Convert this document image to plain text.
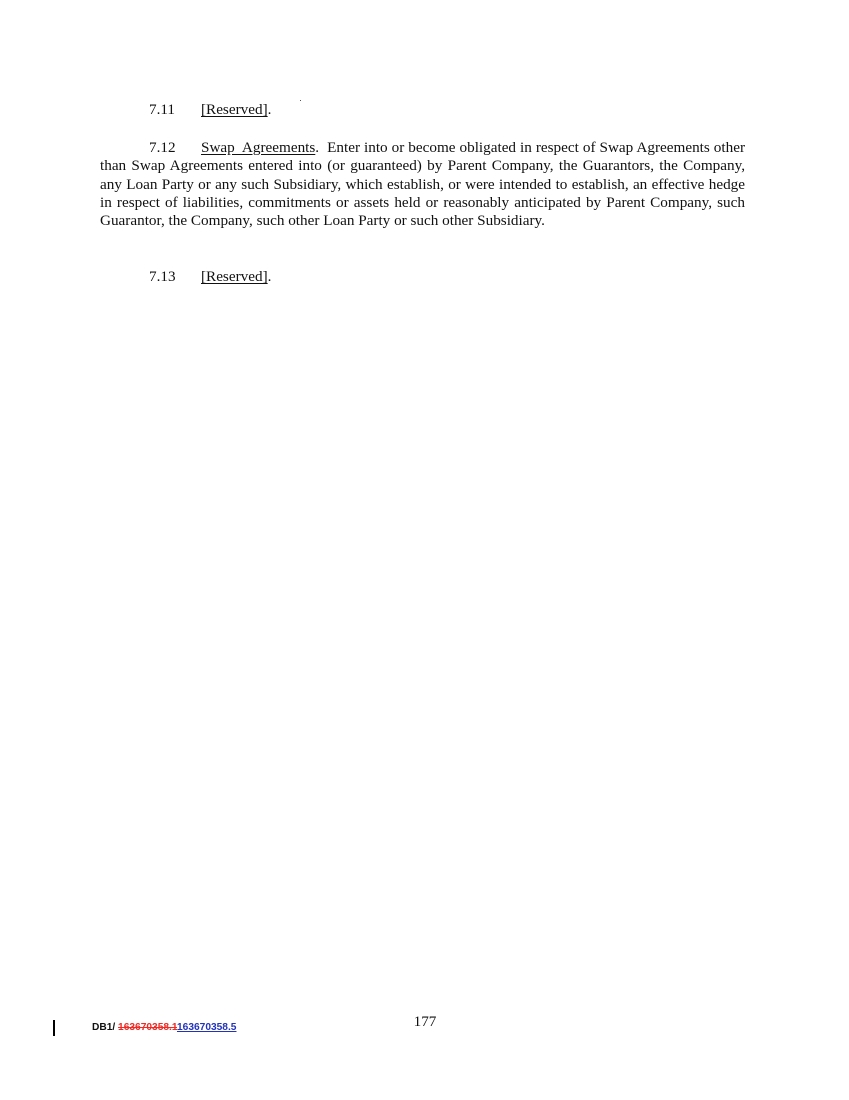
7.11 [Reserved].

7.12 Swap Agreements. Enter into or become obligated in respect of Swap Agreements other than Swap Agreements entered into (or guaranteed) by Parent Company, the Guarantors, the Company, any Loan Party or any such Subsidiary, which establish, or were intended to establish, an effective hedge in respect of liabilities, commitments or assets held or reasonably anticipated by Parent Company, such Guarantor, the Company, such other Loan Party or such other Subsidiary.

7.13 [Reserved].

DB1/ 163670358.1163670358.5	177
